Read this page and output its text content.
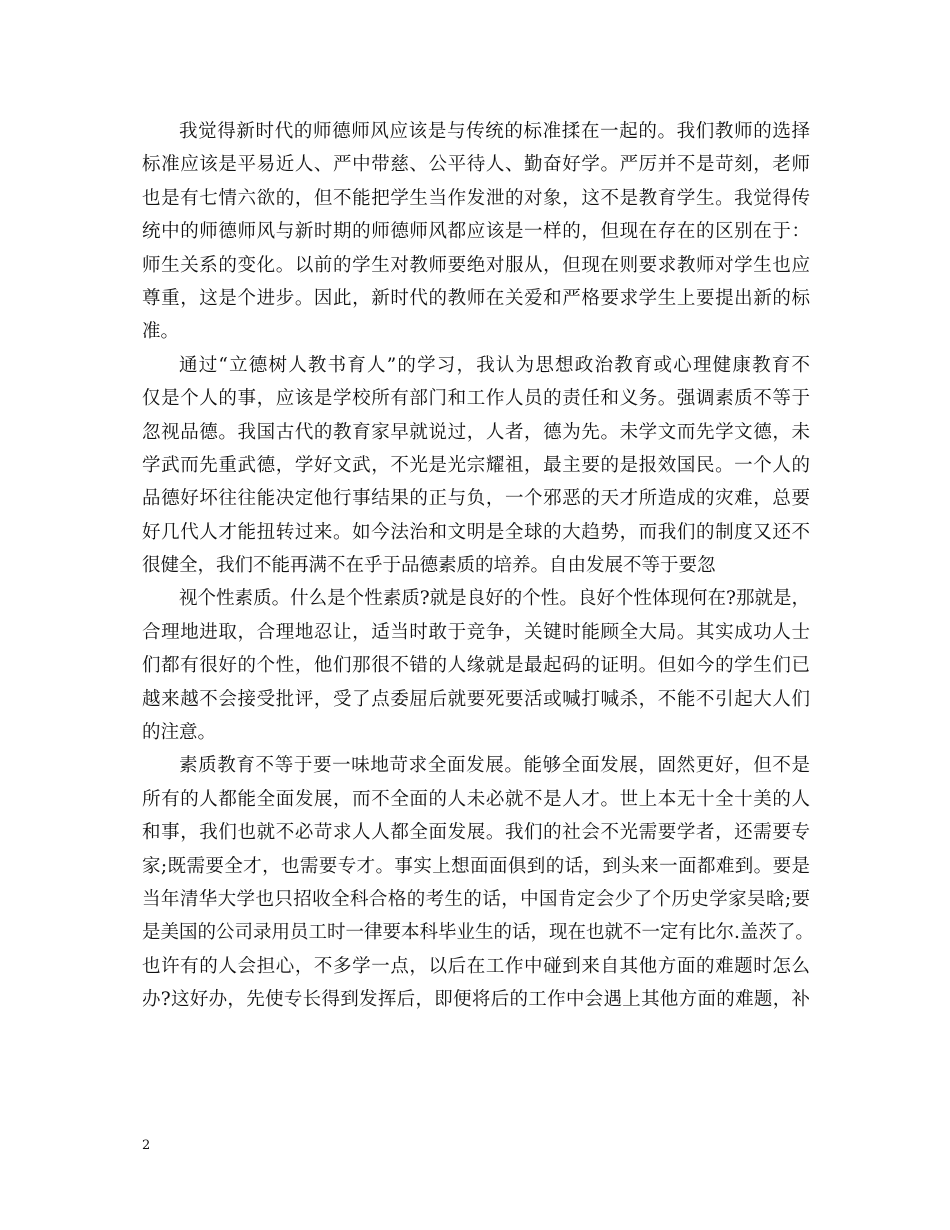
我觉得新时代的师德师风应该是与传统的标准揉在一起的。我们教师的选择
标准应该是平易近人、严中带慈、公平待人、勤奋好学。严厉并不是苛刻，老师
也是有七情六欲的，但不能把学生当作发泄的对象，这不是教育学生。我觉得传
统中的师德师风与新时期的师德师风都应该是一样的，但现在存在的区别在于：
师生关系的变化。以前的学生对教师要绝对服从，但现在则要求教师对学生也应
尊重，这是个进步。因此，新时代的教师在关爱和严格要求学生上要提出新的标
准。
通过“立德树人教书育人”的学习，我认为思想政治教育或心理健康教育不
仅是个人的事，应该是学校所有部门和工作人员的责任和义务。强调素质不等于
忽视品德。我国古代的教育家早就说过，人者，德为先。未学文而先学文德，未
学武而先重武德，学好文武，不光是光宗耀祖，最主要的是报效国民。一个人的
品德好坏往往能决定他行事结果的正与负，一个邪恶的天才所造成的灾难，总要
好几代人才能扭转过来。如今法治和文明是全球的大趋势，而我们的制度又还不
很健全，我们不能再满不在乎于品德素质的培养。自由发展不等于要忽
视个性素质。什么是个性素质?就是良好的个性。良好个性体现何在?那就是，
合理地进取，合理地忍让，适当时敢于竞争，关键时能顾全大局。其实成功人士
们都有很好的个性，他们那很不错的人缘就是最起码的证明。但如今的学生们已
越来越不会接受批评，受了点委屈后就要死要活或喊打喊杀，不能不引起大人们
的注意。
素质教育不等于要一味地苛求全面发展。能够全面发展，固然更好，但不是
所有的人都能全面发展，而不全面的人未必就不是人才。世上本无十全十美的人
和事，我们也就不必苛求人人都全面发展。我们的社会不光需要学者，还需要专
家;既需要全才，也需要专才。事实上想面面俱到的话，到头来一面都难到。要是
当年清华大学也只招收全科合格的考生的话，中国肯定会少了个历史学家吴晗;要
是美国的公司录用员工时一律要本科毕业生的话，现在也就不一定有比尔.盖茨了。
也许有的人会担心，不多学一点，以后在工作中碰到来自其他方面的难题时怎么
办?这好办，先使专长得到发挥后，即便将后的工作中会遇上其他方面的难题，补
2
